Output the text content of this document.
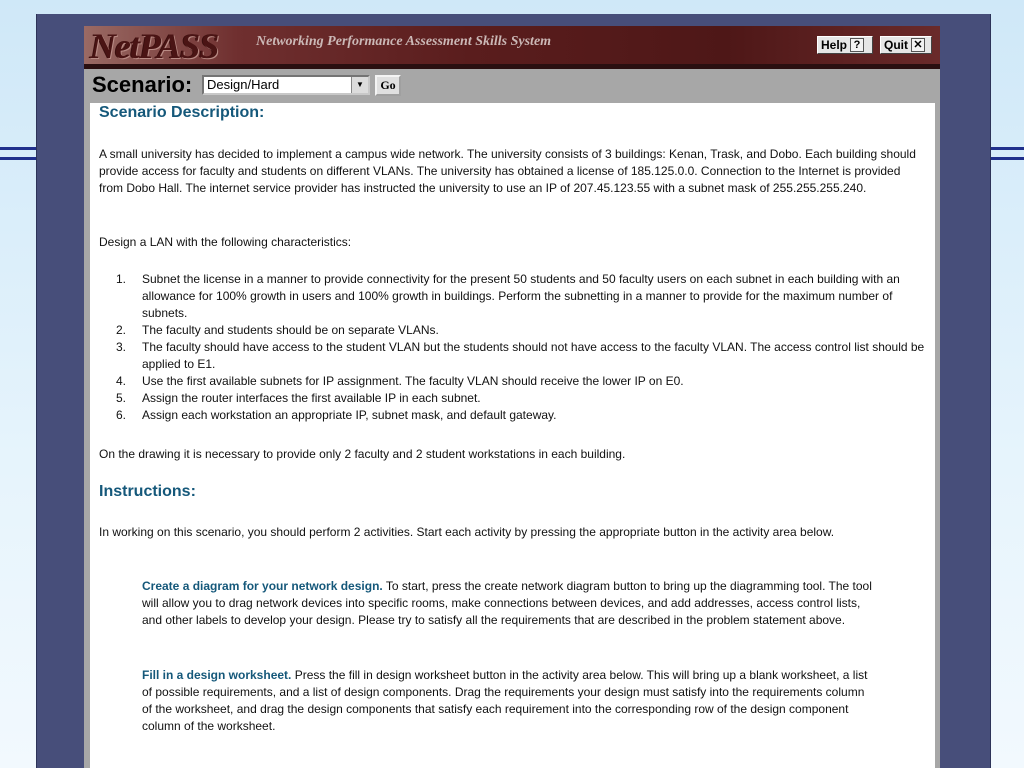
NetPASS	Networking Performance Assessment Skills System	Help ?	Quit ✕
Scenario:	Design/Hard	▼	Go
Scenario Description:

A small university has decided to implement a campus wide network. The university consists of 3 buildings: Kenan, Trask, and Dobo. Each building should provide access for faculty and students on different VLANs. The university has obtained a license of 185.125.0.0. Connection to the Internet is provided from Dobo Hall. The internet service provider has instructed the university to use an IP of 207.45.123.55 with a subnet mask of 255.255.255.240.

Design a LAN with the following characteristics:

1.	Subnet the license in a manner to provide connectivity for the present 50 students and 50 faculty users on each subnet in each building with an allowance for 100% growth in users and 100% growth in buildings. Perform the subnetting in a manner to provide for the maximum number of subnets.
2.	The faculty and students should be on separate VLANs.
3.	The faculty should have access to the student VLAN but the students should not have access to the faculty VLAN. The access control list should be applied to E1.
4.	Use the first available subnets for IP assignment. The faculty VLAN should receive the lower IP on E0.
5.	Assign the router interfaces the first available IP in each subnet.
6.	Assign each workstation an appropriate IP, subnet mask, and default gateway.

On the drawing it is necessary to provide only 2 faculty and 2 student workstations in each building.

Instructions:

In working on this scenario, you should perform 2 activities. Start each activity by pressing the appropriate button in the activity area below.

Create a diagram for your network design. To start, press the create network diagram button to bring up the diagramming tool. The tool will allow you to drag network devices into specific rooms, make connections between devices, and add addresses, access control lists, and other labels to develop your design. Please try to satisfy all the requirements that are described in the problem statement above.

Fill in a design worksheet. Press the fill in design worksheet button in the activity area below. This will bring up a blank worksheet, a list of possible requirements, and a list of design components. Drag the requirements your design must satisfy into the requirements column of the worksheet, and drag the design components that satisfy each requirement into the corresponding row of the design component column of the worksheet.
